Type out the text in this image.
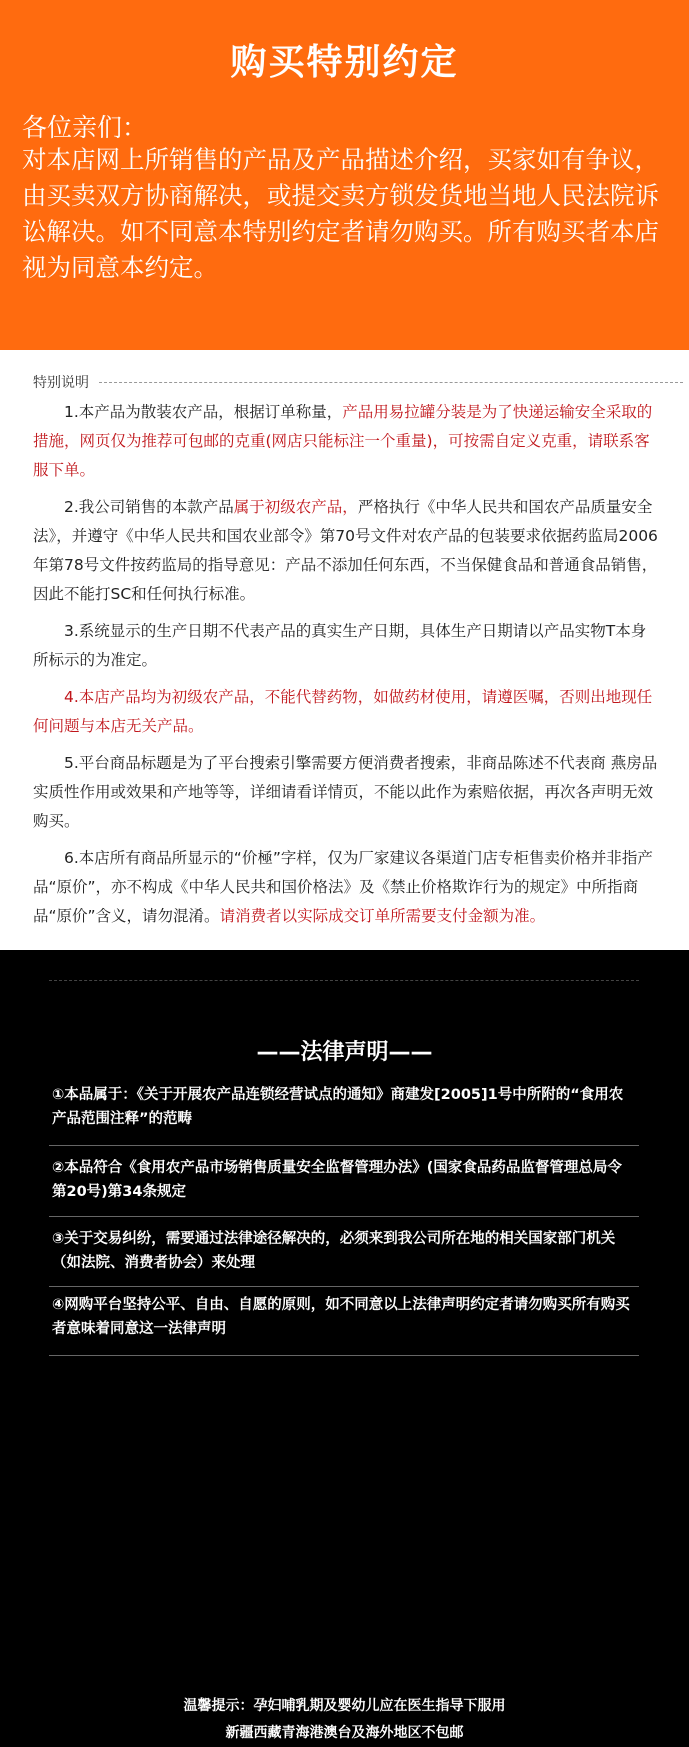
购买特别约定
各位亲们：
对本店网上所销售的产品及产品描述介绍，买家如有争议，由买卖双方协商解决，或提交卖方锁发货地当地人民法院诉讼解决。如不同意本特别约定者请勿购买。所有购买者本店视为同意本约定。
特别说明

1.本产品为散装农产品，根据订单称量，产品用易拉罐分装是为了快递运输安全采取的措施，网页仅为推荐可包邮的克重(网店只能标注一个重量)，可按需自定义克重，请联系客服下单。

2.我公司销售的本款产品属于初级农产品，严格执行《中华人民共和国农产品质量安全法》，并遵守《中华人民共和国农业部令》第70号文件对农产品的包装要求依据药监局2006年第78号文件按药监局的指导意见：产品不添加任何东西，不当保健食品和普通食品销售，因此不能打SC和任何执行标准。

3.系统显示的生产日期不代表产品的真实生产日期，具体生产日期请以产品实物T本身所标示的为准定。

4.本店产品均为初级农产品，不能代替药物，如做药材使用，请遵医嘱，否则出地现任何问题与本店无关产品。

5.平台商品标题是为了平台搜索引擎需要方便消费者搜索，非商品陈述不代表商 燕房品实质性作用或效果和产地等等，详细请看详情页，不能以此作为索赔依据，再次各声明无效购买。

6.本店所有商品所显示的“价極”字样，仅为厂家建议各渠道门店专柜售卖价格并非指产品“原价”，亦不构成《中华人民共和国价格法》及《禁止价格欺诈行为的规定》中所指商品“原价”含义，请勿混淆。请消费者以实际成交订单所需要支付金额为准。

——法律声明——
①本品属于：《关于开展农产品连锁经营试点的通知》商建发[2005]1号中所附的“食用农产品范围注释”的范畴
②本品符合《食用农产品市场销售质量安全监督管理办法》(国家食品药品监督管理总局令第20号)第34条规定
③关于交易纠纷，需要通过法律途径解决的，必须来到我公司所在地的相关国家部门机关（如法院、消费者协会）来处理
④网购平台坚持公平、自由、自愿的原则，如不同意以上法律声明约定者请勿购买所有购买者意味着同意这一法律声明
温馨提示：孕妇哺乳期及婴幼儿应在医生指导下服用
新疆西藏青海港澳台及海外地区不包邮
